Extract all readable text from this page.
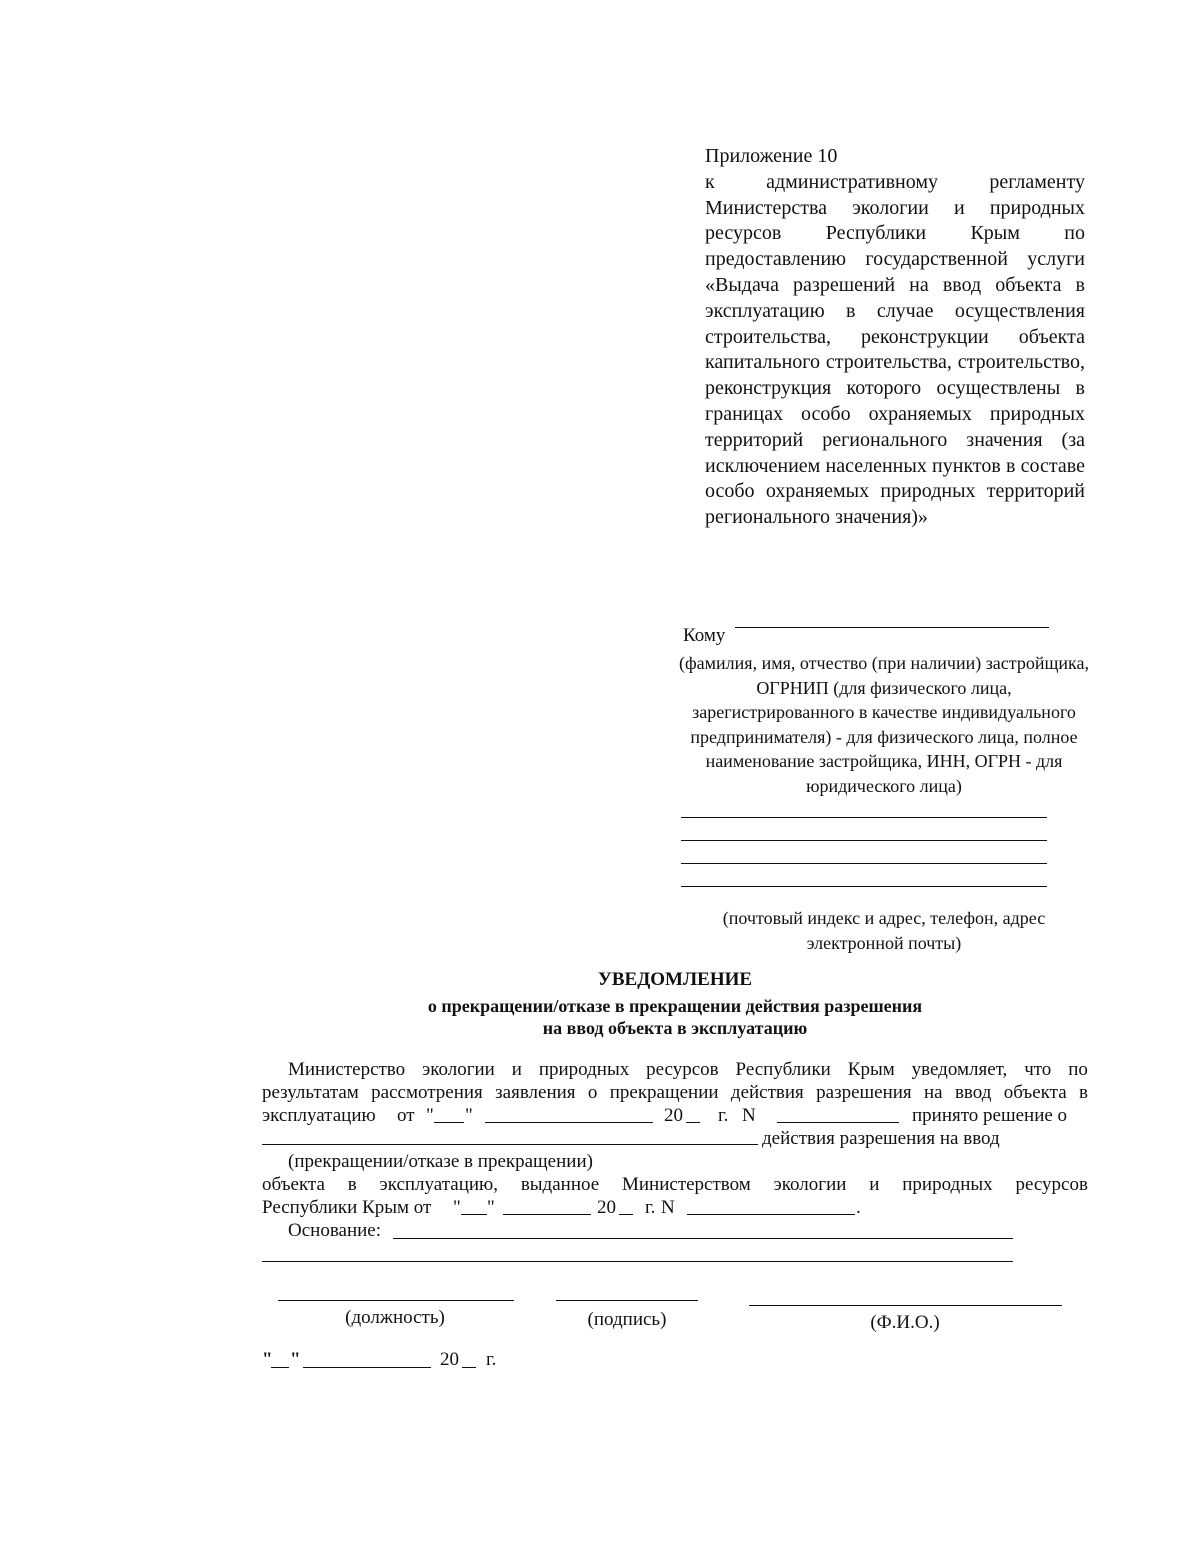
Приложение 10
к административному регламенту Министерства экологии и природных ресурсов Республики Крым по предоставлению государственной услуги «Выдача разрешений на ввод объекта в эксплуатацию в случае осуществления строительства, реконструкции объекта капитального строительства, строительство, реконструкция которого осуществлены в границах особо охраняемых природных территорий регионального значения (за исключением населенных пунктов в составе особо охраняемых природных территорий регионального значения)»
Кому
(фамилия, имя, отчество (при наличии) застройщика, ОГРНИП (для физического лица, зарегистрированного в качестве индивидуального предпринимателя) - для физического лица, полное наименование застройщика, ИНН, ОГРН - для юридического лица)
(почтовый индекс и адрес, телефон, адрес электронной почты)
УВЕДОМЛЕНИЕ
о прекращении/отказе в прекращении действия разрешения
на ввод объекта в эксплуатацию
Министерство экологии и природных ресурсов Республики Крым уведомляет, что по
результатам рассмотрения заявления о прекращении действия разрешения на ввод объекта в
эксплуатацию от " "	20 г. N	принято решение о
действия разрешения на ввод
(прекращении/отказе в прекращении)
объекта в эксплуатацию, выданное Министерством экологии и природных ресурсов
Республики Крым от " "	20 г. N	.
Основание:
(должность)	(подпись)	(Ф.И.О.)
" "	20 г.
